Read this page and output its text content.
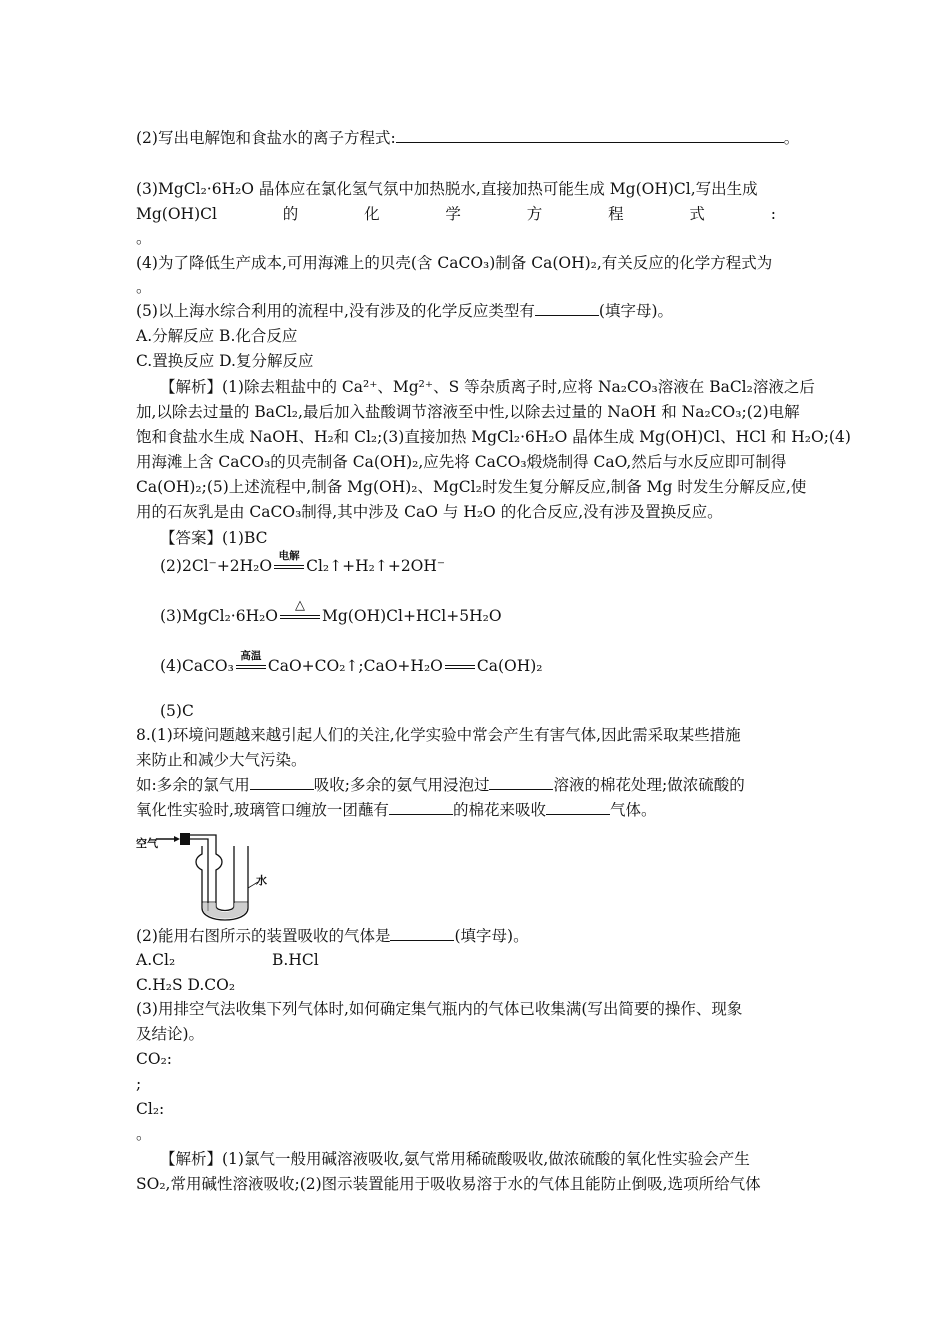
(2)写出电解饱和食盐水的离子方程式:	。
(3)MgCl₂·6H₂O 晶体应在氯化氢气氛中加热脱水,直接加热可能生成 Mg(OH)Cl,写出生成
Mg(OH)Cl	的	化	学	方	程	式	:
。
(4)为了降低生产成本,可用海滩上的贝壳(含 CaCO₃)制备 Ca(OH)₂,有关反应的化学方程式为
。
(5)以上海水综合利用的流程中,没有涉及的化学反应类型有	(填字母)。
A.分解反应 B.化合反应
C.置换反应 D.复分解反应
【解析】(1)除去粗盐中的 Ca²⁺、Mg²⁺、S 等杂质离子时,应将 Na₂CO₃溶液在 BaCl₂溶液之后
加,以除去过量的 BaCl₂,最后加入盐酸调节溶液至中性,以除去过量的 NaOH 和 Na₂CO₃;(2)电解
饱和食盐水生成 NaOH、H₂和 Cl₂;(3)直接加热 MgCl₂·6H₂O 晶体生成 Mg(OH)Cl、HCl 和 H₂O;(4)
用海滩上含 CaCO₃的贝壳制备 Ca(OH)₂,应先将 CaCO₃煅烧制得 CaO,然后与水反应即可制得
Ca(OH)₂;(5)上述流程中,制备 Mg(OH)₂、MgCl₂时发生复分解反应,制备 Mg 时发生分解反应,使
用的石灰乳是由 CaCO₃制得,其中涉及 CaO 与 H₂O 的化合反应,没有涉及置换反应。
【答案】(1)BC
(2)2Cl⁻+2H₂O
电解
Cl₂↑+H₂↑+2OH⁻
(3)MgCl₂·6H₂O
△
Mg(OH)Cl+HCl+5H₂O
(4)CaCO₃
高温
CaO+CO₂↑;CaO+H₂O Ca(OH)₂
(5)C
8.(1)环境问题越来越引起人们的关注,化学实验中常会产生有害气体,因此需采取某些措施
来防止和减少大气污染。
如:多余的氯气用	吸收;多余的氨气用浸泡过	溶液的棉花处理;做浓硫酸的
氧化性实验时,玻璃管口缠放一团蘸有	的棉花来吸收	气体。
空气
水
(2)能用右图所示的装置吸收的气体是	(填字母)。
A.Cl₂	B.HCl
C.H₂S D.CO₂
(3)用排空气法收集下列气体时,如何确定集气瓶内的气体已收集满(写出简要的操作、现象
及结论)。
CO₂:
;
Cl₂:
。
【解析】(1)氯气一般用碱溶液吸收,氨气常用稀硫酸吸收,做浓硫酸的氧化性实验会产生
SO₂,常用碱性溶液吸收;(2)图示装置能用于吸收易溶于水的气体且能防止倒吸,选项所给气体
